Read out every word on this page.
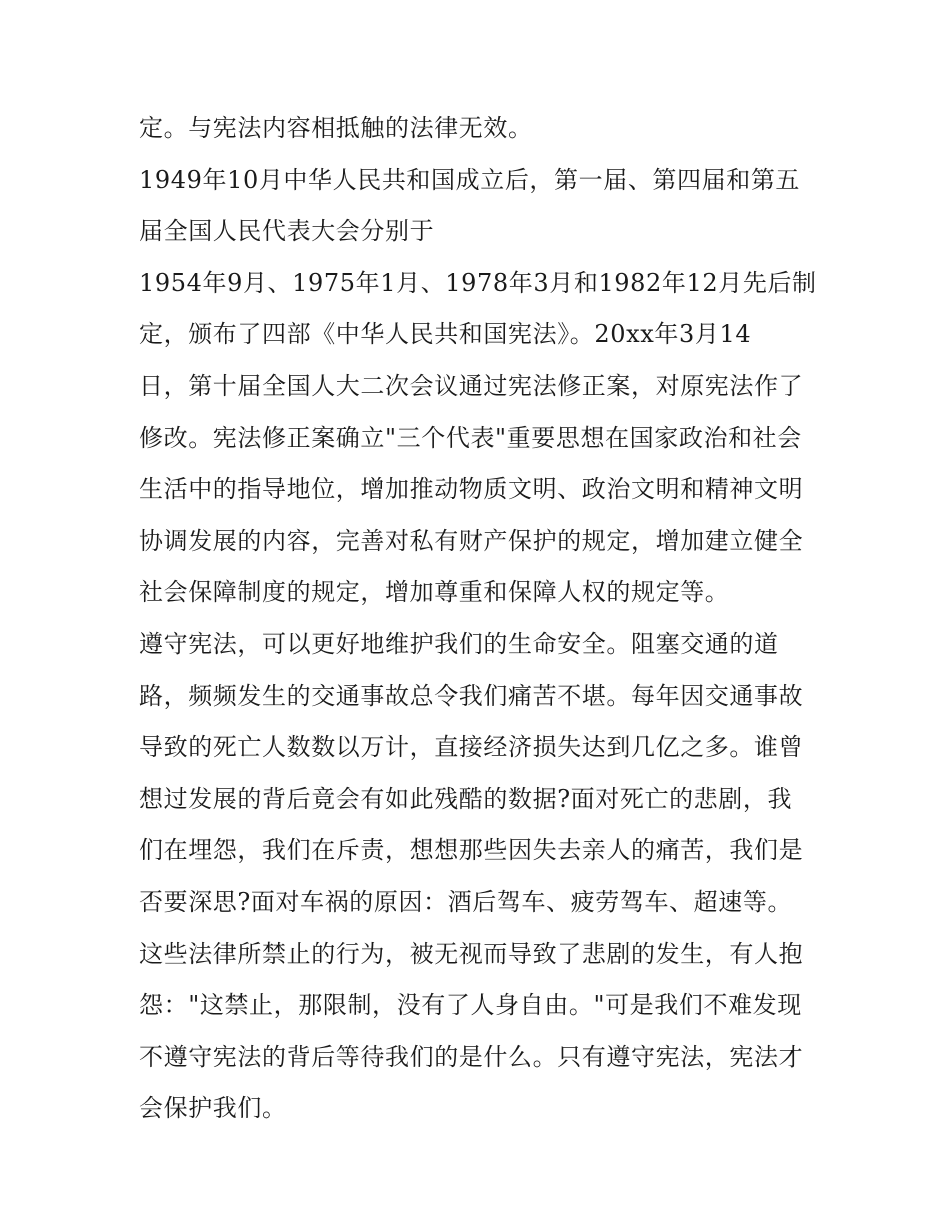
定。与宪法内容相抵触的法律无效。
1949年10月中华人民共和国成立后，第一届、第四届和第五
届全国人民代表大会分别于
1954年9月、1975年1月、1978年3月和1982年12月先后制
定，颁布了四部《中华人民共和国宪法》。20xx年3月14
日，第十届全国人大二次会议通过宪法修正案，对原宪法作了
修改。宪法修正案确立"三个代表"重要思想在国家政治和社会
生活中的指导地位，增加推动物质文明、政治文明和精神文明
协调发展的内容，完善对私有财产保护的规定，增加建立健全
社会保障制度的规定，增加尊重和保障人权的规定等。
遵守宪法，可以更好地维护我们的生命安全。阻塞交通的道
路，频频发生的交通事故总令我们痛苦不堪。每年因交通事故
导致的死亡人数数以万计，直接经济损失达到几亿之多。谁曾
想过发展的背后竟会有如此残酷的数据?面对死亡的悲剧，我
们在埋怨，我们在斥责，想想那些因失去亲人的痛苦，我们是
否要深思?面对车祸的原因：酒后驾车、疲劳驾车、超速等。
这些法律所禁止的行为，被无视而导致了悲剧的发生，有人抱
怨："这禁止，那限制，没有了人身自由。"可是我们不难发现
不遵守宪法的背后等待我们的是什么。只有遵守宪法，宪法才
会保护我们。
